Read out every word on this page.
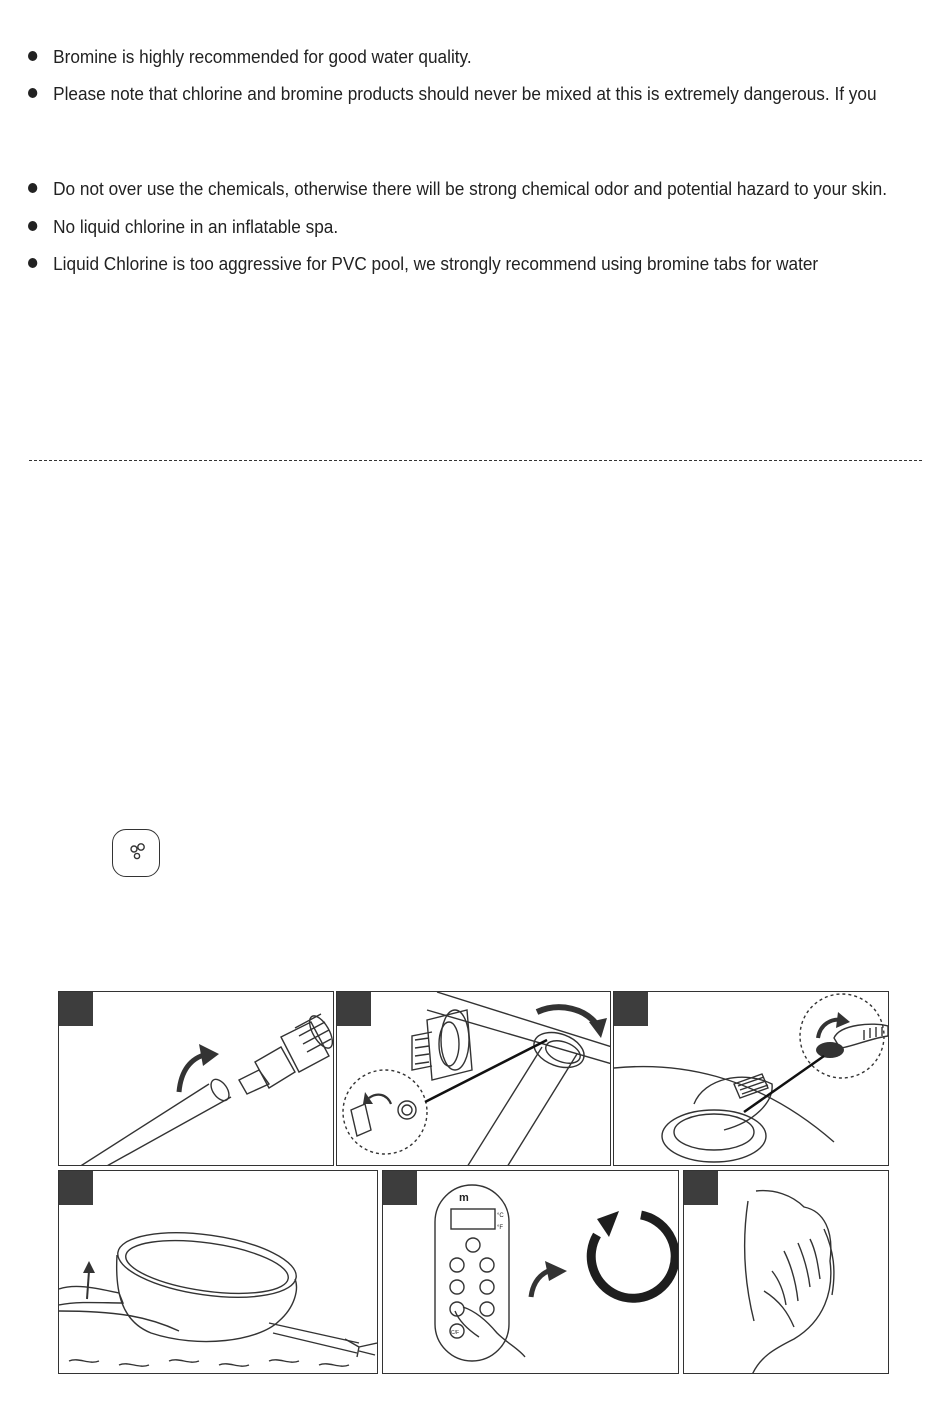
Bromine is highly recommended for good water quality.
Please note that chlorine and bromine products should never be mixed at this is extremely dangerous. If you
Do not over use the chemicals, otherwise there will be strong chemical odor and potential hazard to your skin.
No liquid chlorine in an inflatable spa.
Liquid Chlorine is too aggressive for PVC pool, we strongly recommend using bromine tabs for water
m
°C
°F
C/F
